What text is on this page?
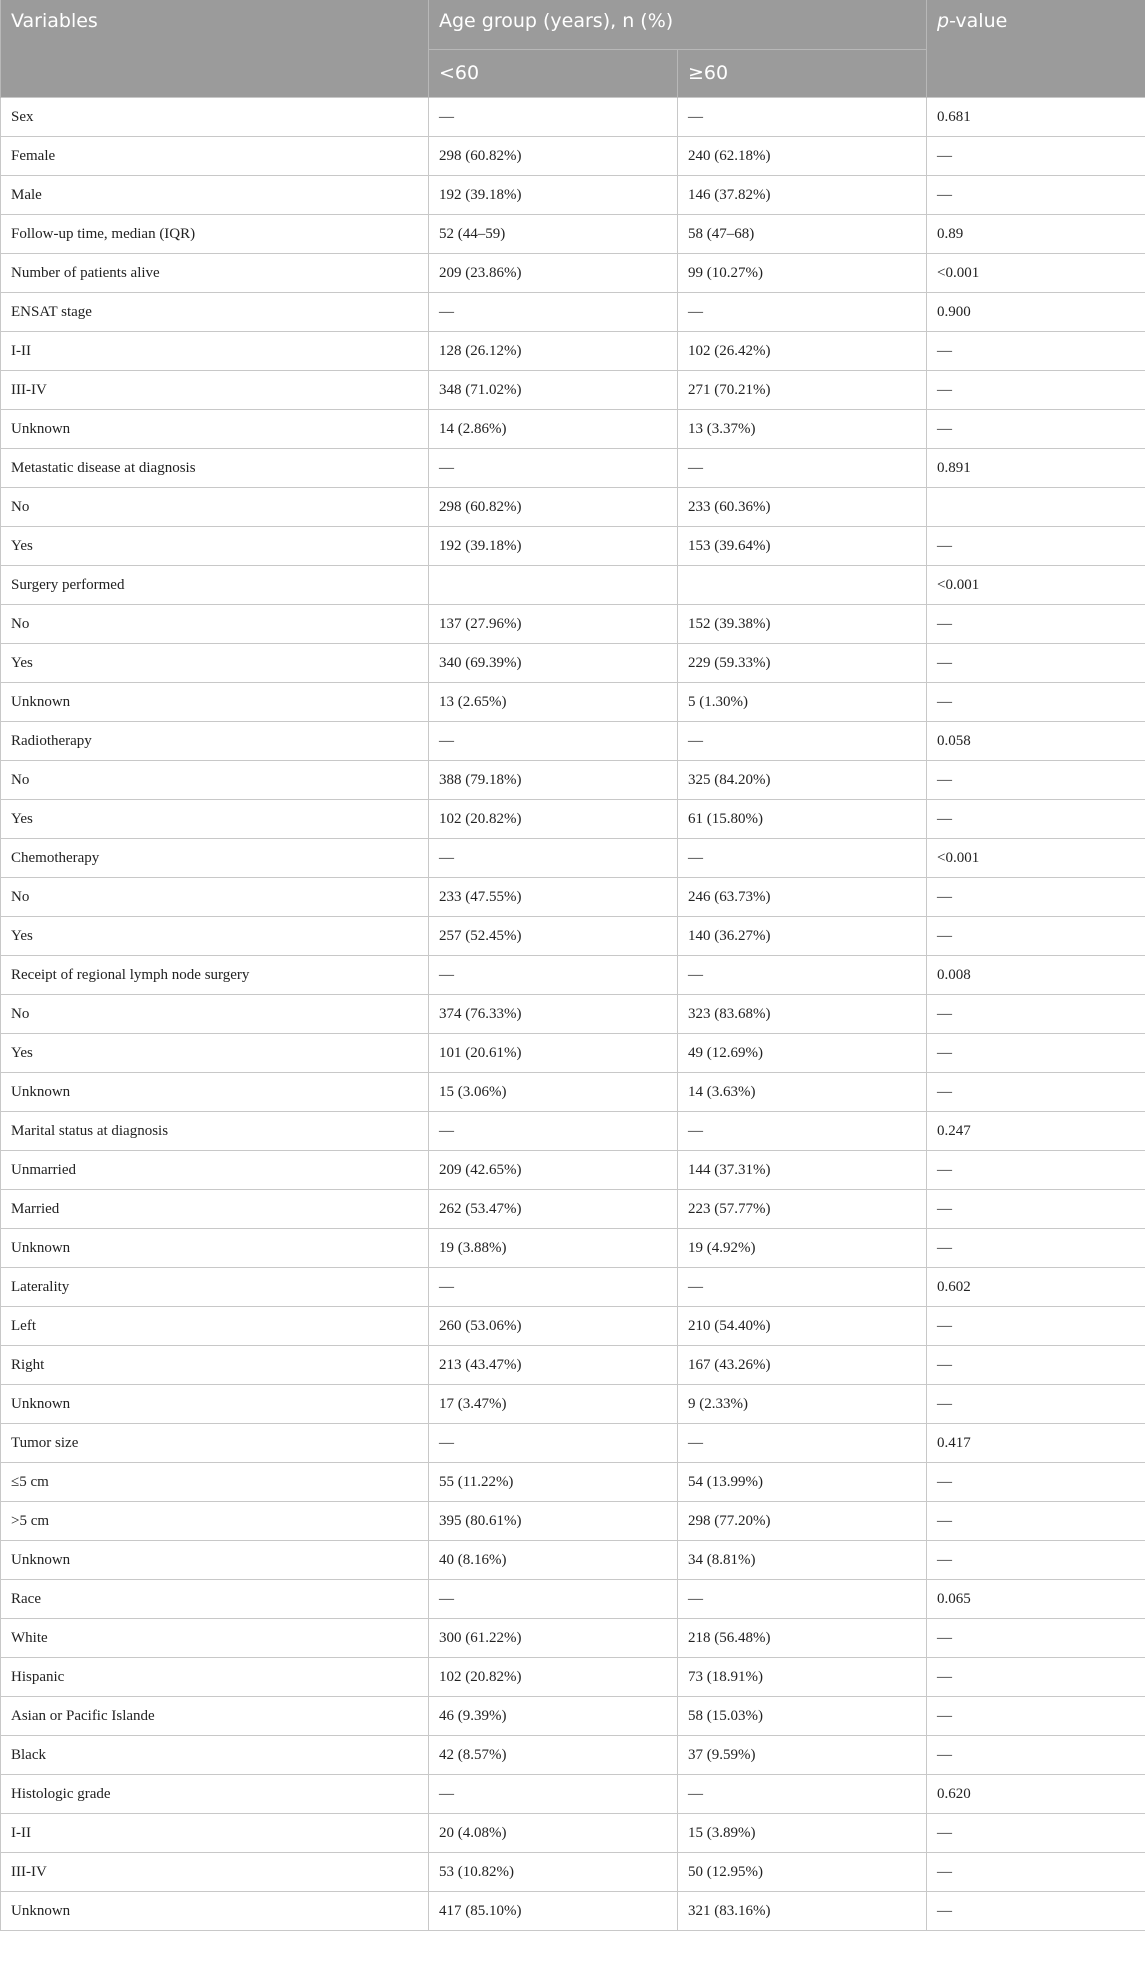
Variables	Age group (years), n (%)		p-value
	<60	≥60	
Sex	—	—	0.681
Female	298 (60.82%)	240 (62.18%)	—
Male	192 (39.18%)	146 (37.82%)	—
Follow-up time, median (IQR)	52 (44–59)	58 (47–68)	0.89
Number of patients alive	209 (23.86%)	99 (10.27%)	<0.001
ENSAT stage	—	—	0.900
I-II	128 (26.12%)	102 (26.42%)	—
III-IV	348 (71.02%)	271 (70.21%)	—
Unknown	14 (2.86%)	13 (3.37%)	—
Metastatic disease at diagnosis	—	—	0.891
No	298 (60.82%)	233 (60.36%)	
Yes	192 (39.18%)	153 (39.64%)	—
Surgery performed			<0.001
No	137 (27.96%)	152 (39.38%)	—
Yes	340 (69.39%)	229 (59.33%)	—
Unknown	13 (2.65%)	5 (1.30%)	—
Radiotherapy	—	—	0.058
No	388 (79.18%)	325 (84.20%)	—
Yes	102 (20.82%)	61 (15.80%)	—
Chemotherapy	—	—	<0.001
No	233 (47.55%)	246 (63.73%)	—
Yes	257 (52.45%)	140 (36.27%)	—
Receipt of regional lymph node surgery	—	—	0.008
No	374 (76.33%)	323 (83.68%)	—
Yes	101 (20.61%)	49 (12.69%)	—
Unknown	15 (3.06%)	14 (3.63%)	—
Marital status at diagnosis	—	—	0.247
Unmarried	209 (42.65%)	144 (37.31%)	—
Married	262 (53.47%)	223 (57.77%)	—
Unknown	19 (3.88%)	19 (4.92%)	—
Laterality	—	—	0.602
Left	260 (53.06%)	210 (54.40%)	—
Right	213 (43.47%)	167 (43.26%)	—
Unknown	17 (3.47%)	9 (2.33%)	—
Tumor size	—	—	0.417
≤5 cm	55 (11.22%)	54 (13.99%)	—
>5 cm	395 (80.61%)	298 (77.20%)	—
Unknown	40 (8.16%)	34 (8.81%)	—
Race	—	—	0.065
White	300 (61.22%)	218 (56.48%)	—
Hispanic	102 (20.82%)	73 (18.91%)	—
Asian or Pacific Islande	46 (9.39%)	58 (15.03%)	—
Black	42 (8.57%)	37 (9.59%)	—
Histologic grade	—	—	0.620
I-II	20 (4.08%)	15 (3.89%)	—
III-IV	53 (10.82%)	50 (12.95%)	—
Unknown	417 (85.10%)	321 (83.16%)	—
